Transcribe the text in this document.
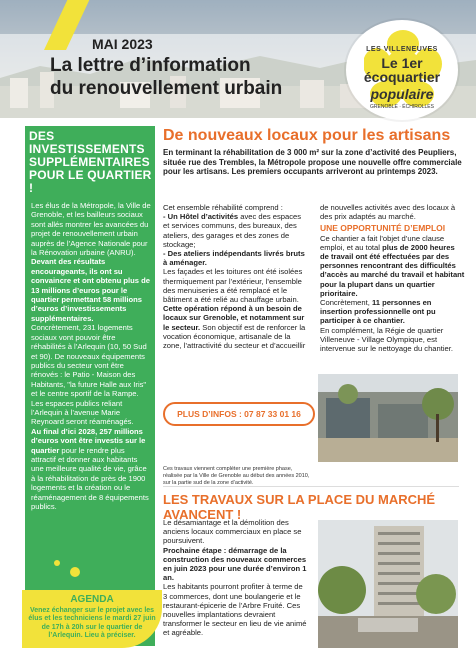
MAI 2023
La lettre d’information
du renouvellement urbain
LES VILLENEUVES
Le 1er
écoquartier
populaire
GRENOBLE · ÉCHIROLLES
DES INVESTISSEMENTS SUPPLÉMENTAIRES POUR LE QUARTIER !
Les élus de la Métropole, la Ville de Grenoble, et les bailleurs sociaux sont allés montrer les avancées du projet de renouvellement urbain auprès de l’Agence Nationale pour la Rénovation urbaine (ANRU). Devant des résultats encourageants, ils ont su convaincre et ont obtenu plus de 13 millions d’euros pour le quartier permettant 58 millions d’euros d’investissements supplémentaires.
Concrètement, 231 logements sociaux vont pouvoir être réhabilités à l’Arlequin (10, 50 Sud et 90). De nouveaux équipements publics du secteur vont être rénovés : le Patio - Maison des Habitants, "la future Halle aux Iris" et le centre sportif de la Rampe. Les espaces publics reliant l’Arlequin à l’avenue Marie Reynoard seront réaménagés.
Au final d’ici 2028, 257 millions d’euros vont être investis sur le quartier pour le rendre plus attractif et donner aux habitants une meilleure qualité de vie, grâce à la réhabilitation de près de 1900 logements et la création ou le réaménagement de 8 équipements publics.
AGENDA
Venez échanger sur le projet avec les élus et les techniciens le mardi 27 juin de 17h à 20h sur le quartier de l’Arlequin. Lieu à préciser.
De nouveaux locaux pour les artisans
En terminant la réhabilitation de 3 000 m² sur la zone d’activité des Peupliers, située rue des Trembles, la Métropole propose une nouvelle offre commerciale pour les artisans. Les premiers occupants arriveront au printemps 2023.
Cet ensemble réhabilité comprend :
- Un Hôtel d’activités avec des espaces et services communs, des bureaux, des ateliers, des garages et des zones de stockage;
- Des ateliers indépendants livrés bruts à aménager.
Les façades et les toitures ont été isolées thermiquement par l’extérieur, l’ensemble des menuiseries a été remplacé et le bâtiment a été relié au chauffage urbain.
Cette opération répond à un besoin de locaux sur Grenoble, et notamment sur le secteur. Son objectif est de renforcer la vocation économique, artisanale de la zone, l’attractivité du secteur et d’accueillir
de nouvelles activités avec des locaux à des prix adaptés au marché.
UNE OPPORTUNITÉ D’EMPLOI
Ce chantier a fait l’objet d’une clause emploi, et au total plus de 2000 heures de travail ont été effectuées par des personnes rencontrant des difficultés d’accès au marché du travail et habitant pour la plupart dans un quartier prioritaire.
Concrètement, 11 personnes en insertion professionnelle ont pu participer à ce chantier.
En complément, la Régie de quartier Villeneuve - Village Olympique, est intervenue sur le nettoyage du chantier.
PLUS D’INFOS : 07 87 33 01 16
Ces travaux viennent compléter une première phase, réalisée par la Ville de Grenoble au début des années 2010, sur la partie sud de la zone d’activité.
LES TRAVAUX SUR LA PLACE DU MARCHÉ AVANCENT !
Le désamiantage et la démolition des anciens locaux commerciaux en place se poursuivent.
Prochaine étape : démarrage de la construction des nouveaux commerces en juin 2023 pour une durée d’environ 1 an.
Les habitants pourront profiter à terme de 3 commerces, dont une boulangerie et le restaurant-épicerie de l’Arbre Fruité. Ces nouvelles implantations devraient transformer le secteur en lieu de vie animé et agréable.
